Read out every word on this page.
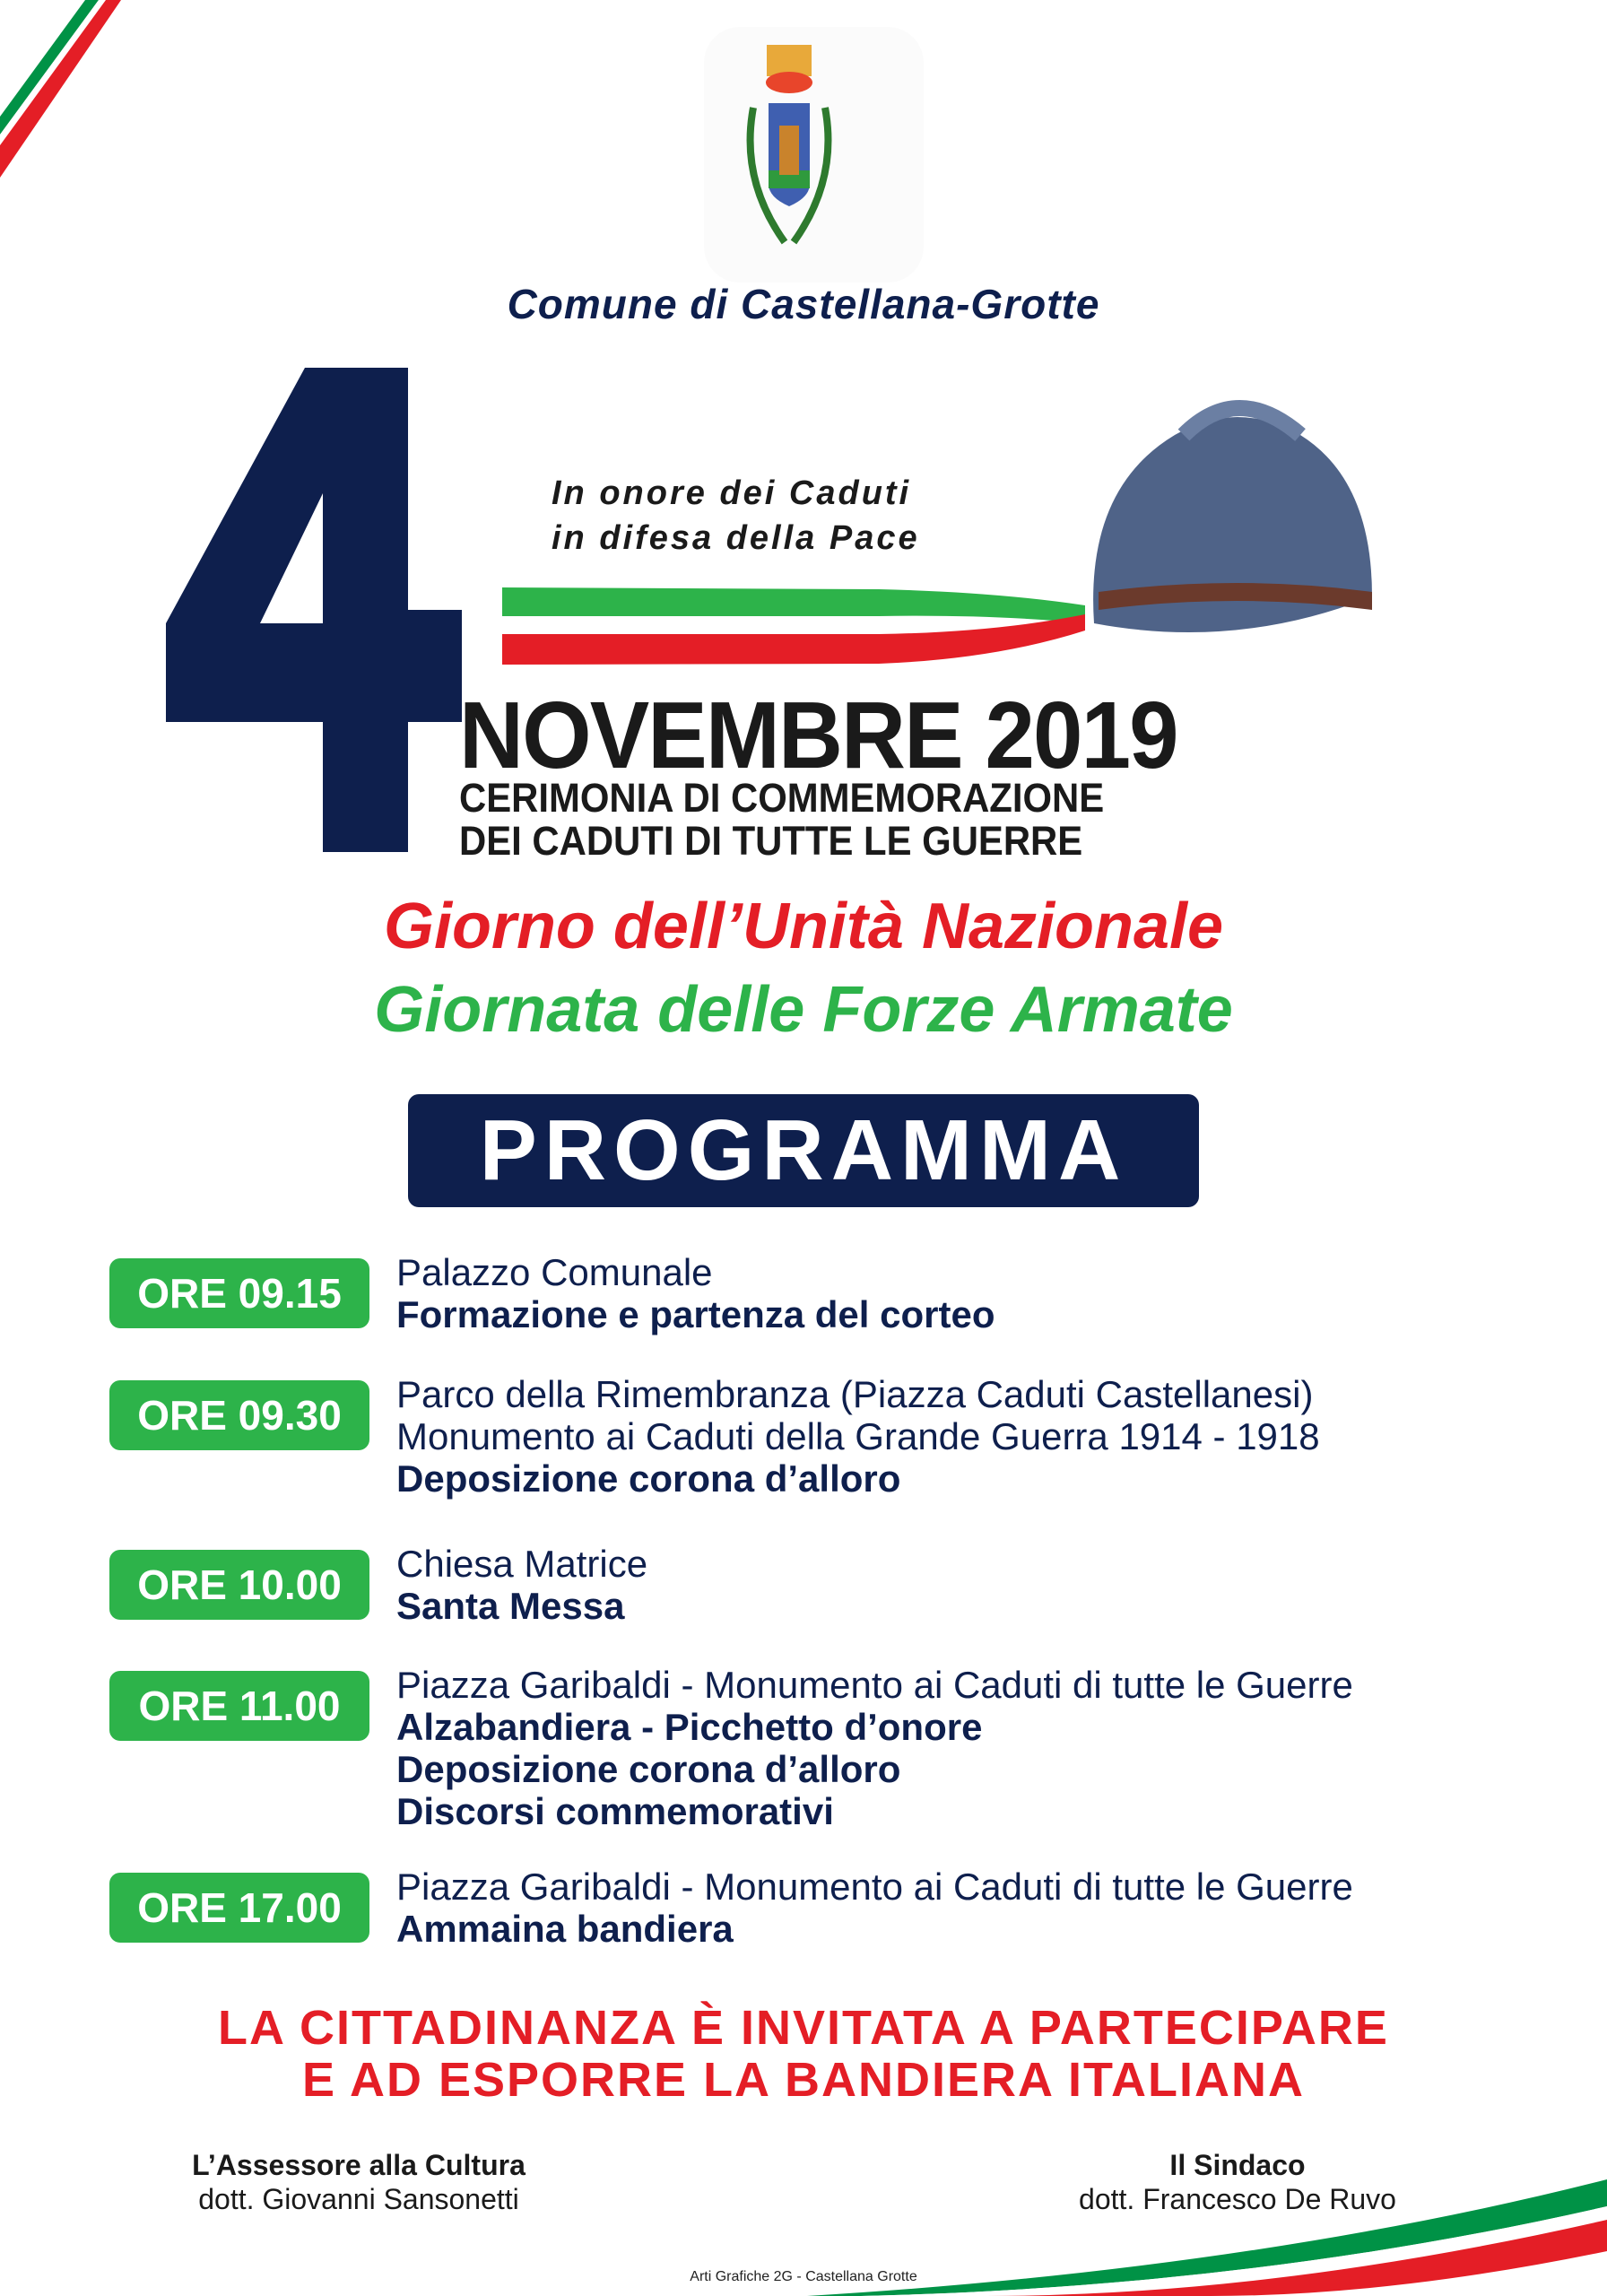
Comune di Castellana-Grotte
In onore dei Caduti
in difesa della Pace
NOVEMBRE 2019
CERIMONIA DI COMMEMORAZIONE
DEI CADUTI DI TUTTE LE GUERRE
Giorno dell’Unità Nazionale
Giornata delle Forze Armate
PROGRAMMA
ORE 09.15	Palazzo Comunale
Formazione e partenza del corteo
ORE 09.30	Parco della Rimembranza (Piazza Caduti Castellanesi)
Monumento ai Caduti della Grande Guerra 1914 - 1918
Deposizione corona d’alloro
ORE 10.00	Chiesa Matrice
Santa Messa
ORE 11.00	Piazza Garibaldi - Monumento ai Caduti di tutte le Guerre
Alzabandiera - Picchetto d’onore
Deposizione corona d’alloro
Discorsi commemorativi
ORE 17.00	Piazza Garibaldi - Monumento ai Caduti di tutte le Guerre
Ammaina bandiera
LA CITTADINANZA È INVITATA A PARTECIPARE
E AD ESPORRE LA BANDIERA ITALIANA
L’Assessore alla Cultura
dott. Giovanni Sansonetti
Il Sindaco
dott. Francesco De Ruvo
Arti Grafiche 2G - Castellana Grotte
